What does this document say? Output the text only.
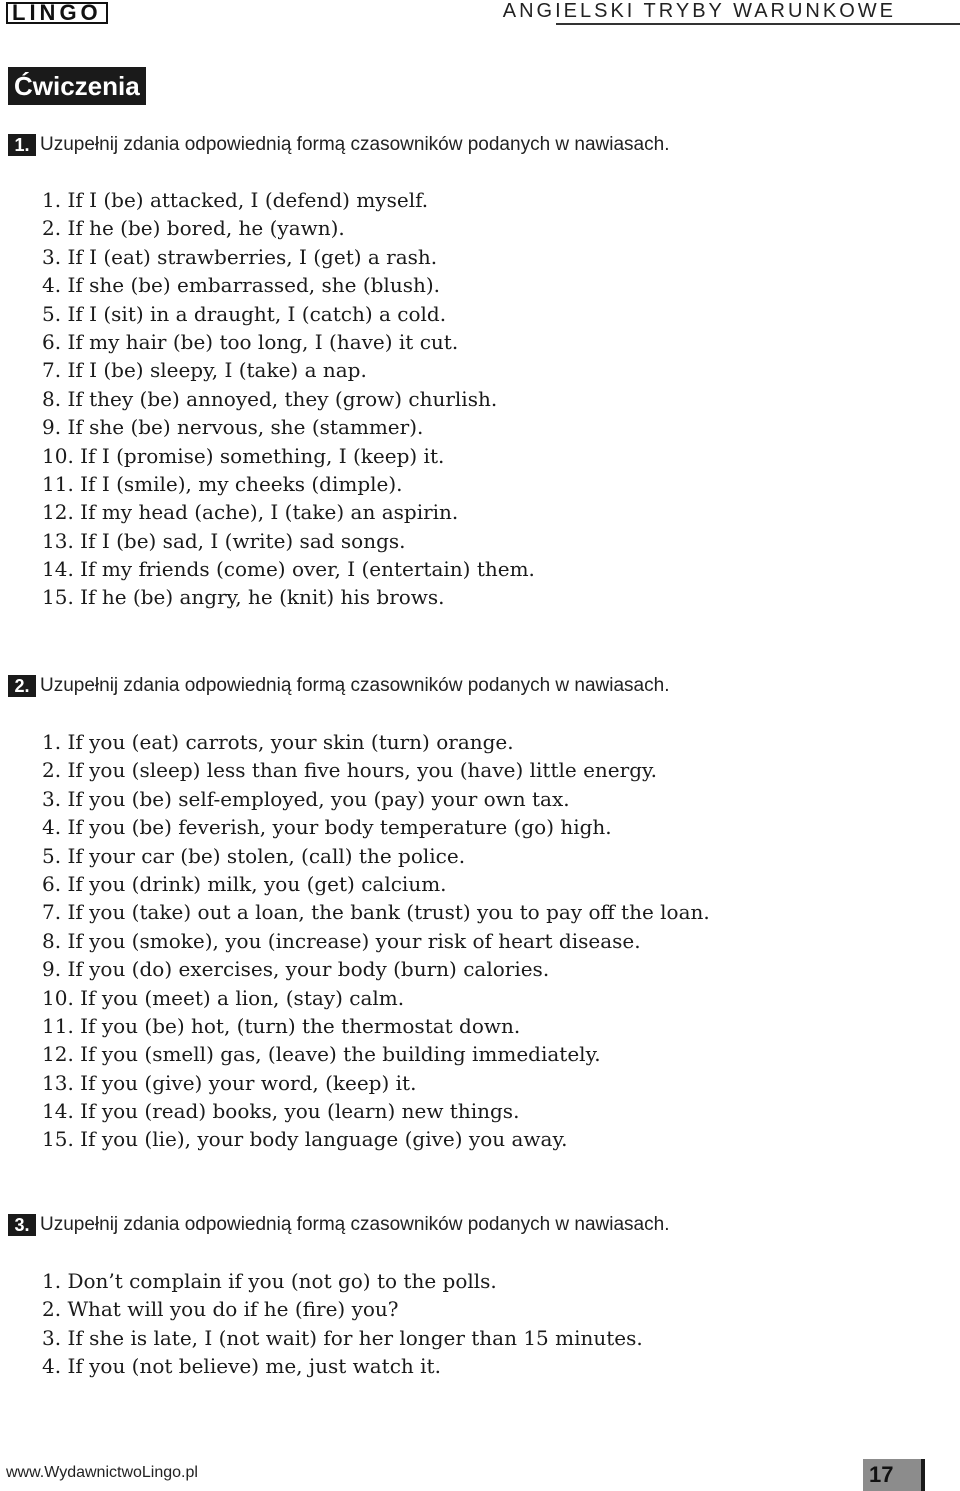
LINGO	ANGIELSKI TRYBY WARUNKOWE
Ćwiczenia
1. Uzupełnij zdania odpowiednią formą czasowników podanych w nawiasach.
1. If I (be) attacked, I (defend) myself.
2. If he (be) bored, he (yawn).
3. If I (eat) strawberries, I (get) a rash.
4. If she (be) embarrassed, she (blush).
5. If I (sit) in a draught, I (catch) a cold.
6. If my hair (be) too long, I (have) it cut.
7. If I (be) sleepy, I (take) a nap.
8. If they (be) annoyed, they (grow) churlish.
9. If she (be) nervous, she (stammer).
10. If I (promise) something, I (keep) it.
11. If I (smile), my cheeks (dimple).
12. If my head (ache), I (take) an aspirin.
13. If I (be) sad, I (write) sad songs.
14. If my friends (come) over, I (entertain) them.
15. If he (be) angry, he (knit) his brows.
2. Uzupełnij zdania odpowiednią formą czasowników podanych w nawiasach.
1. If you (eat) carrots, your skin (turn) orange.
2. If you (sleep) less than five hours, you (have) little energy.
3. If you (be) self-employed, you (pay) your own tax.
4. If you (be) feverish, your body temperature (go) high.
5. If your car (be) stolen, (call) the police.
6. If you (drink) milk, you (get) calcium.
7. If you (take) out a loan, the bank (trust) you to pay off the loan.
8. If you (smoke), you (increase) your risk of heart disease.
9. If you (do) exercises, your body (burn) calories.
10. If you (meet) a lion, (stay) calm.
11. If you (be) hot, (turn) the thermostat down.
12. If you (smell) gas, (leave) the building immediately.
13. If you (give) your word, (keep) it.
14. If you (read) books, you (learn) new things.
15. If you (lie), your body language (give) you away.
3. Uzupełnij zdania odpowiednią formą czasowników podanych w nawiasach.
1. Don’t complain if you (not go) to the polls.
2. What will you do if he (fire) you?
3. If she is late, I (not wait) for her longer than 15 minutes.
4. If you (not believe) me, just watch it.
www.WydawnictwoLingo.pl	17
